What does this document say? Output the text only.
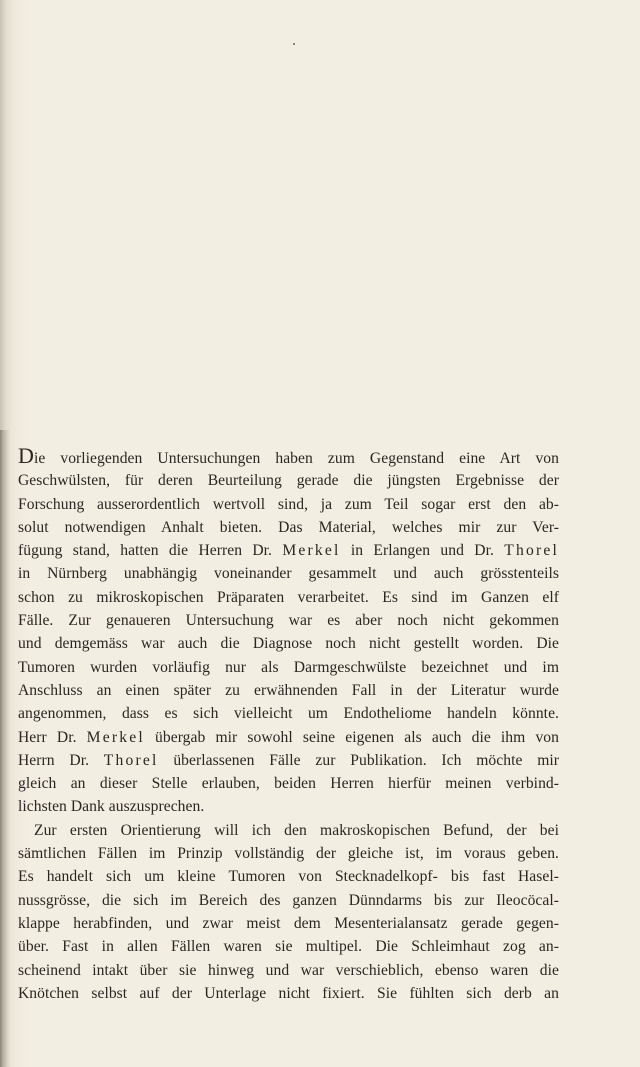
Die vorliegenden Untersuchungen haben zum Gegenstand eine Art von
Geschwülsten, für deren Beurteilung gerade die jüngsten Ergebnisse der
Forschung ausserordentlich wertvoll sind, ja zum Teil sogar erst den ab-
solut notwendigen Anhalt bieten. Das Material, welches mir zur Ver-
fügung stand, hatten die Herren Dr. Merkel in Erlangen und Dr. Thorel
in Nürnberg unabhängig voneinander gesammelt und auch grösstenteils
schon zu mikroskopischen Präparaten verarbeitet. Es sind im Ganzen elf
Fälle. Zur genaueren Untersuchung war es aber noch nicht gekommen
und demgemäss war auch die Diagnose noch nicht gestellt worden. Die
Tumoren wurden vorläufig nur als Darmgeschwülste bezeichnet und im
Anschluss an einen später zu erwähnenden Fall in der Literatur wurde
angenommen, dass es sich vielleicht um Endotheliome handeln könnte.
Herr Dr. Merkel übergab mir sowohl seine eigenen als auch die ihm von
Herrn Dr. Thorel überlassenen Fälle zur Publikation. Ich möchte mir
gleich an dieser Stelle erlauben, beiden Herren hierfür meinen verbind-
lichsten Dank auszusprechen.
Zur ersten Orientierung will ich den makroskopischen Befund, der bei
sämtlichen Fällen im Prinzip vollständig der gleiche ist, im voraus geben.
Es handelt sich um kleine Tumoren von Stecknadelkopf- bis fast Hasel-
nussgrösse, die sich im Bereich des ganzen Dünndarms bis zur Ileocöcal-
klappe herabfinden, und zwar meist dem Mesenterialansatz gerade gegen-
über. Fast in allen Fällen waren sie multipel. Die Schleimhaut zog an-
scheinend intakt über sie hinweg und war verschieblich, ebenso waren die
Knötchen selbst auf der Unterlage nicht fixiert. Sie fühlten sich derb an
